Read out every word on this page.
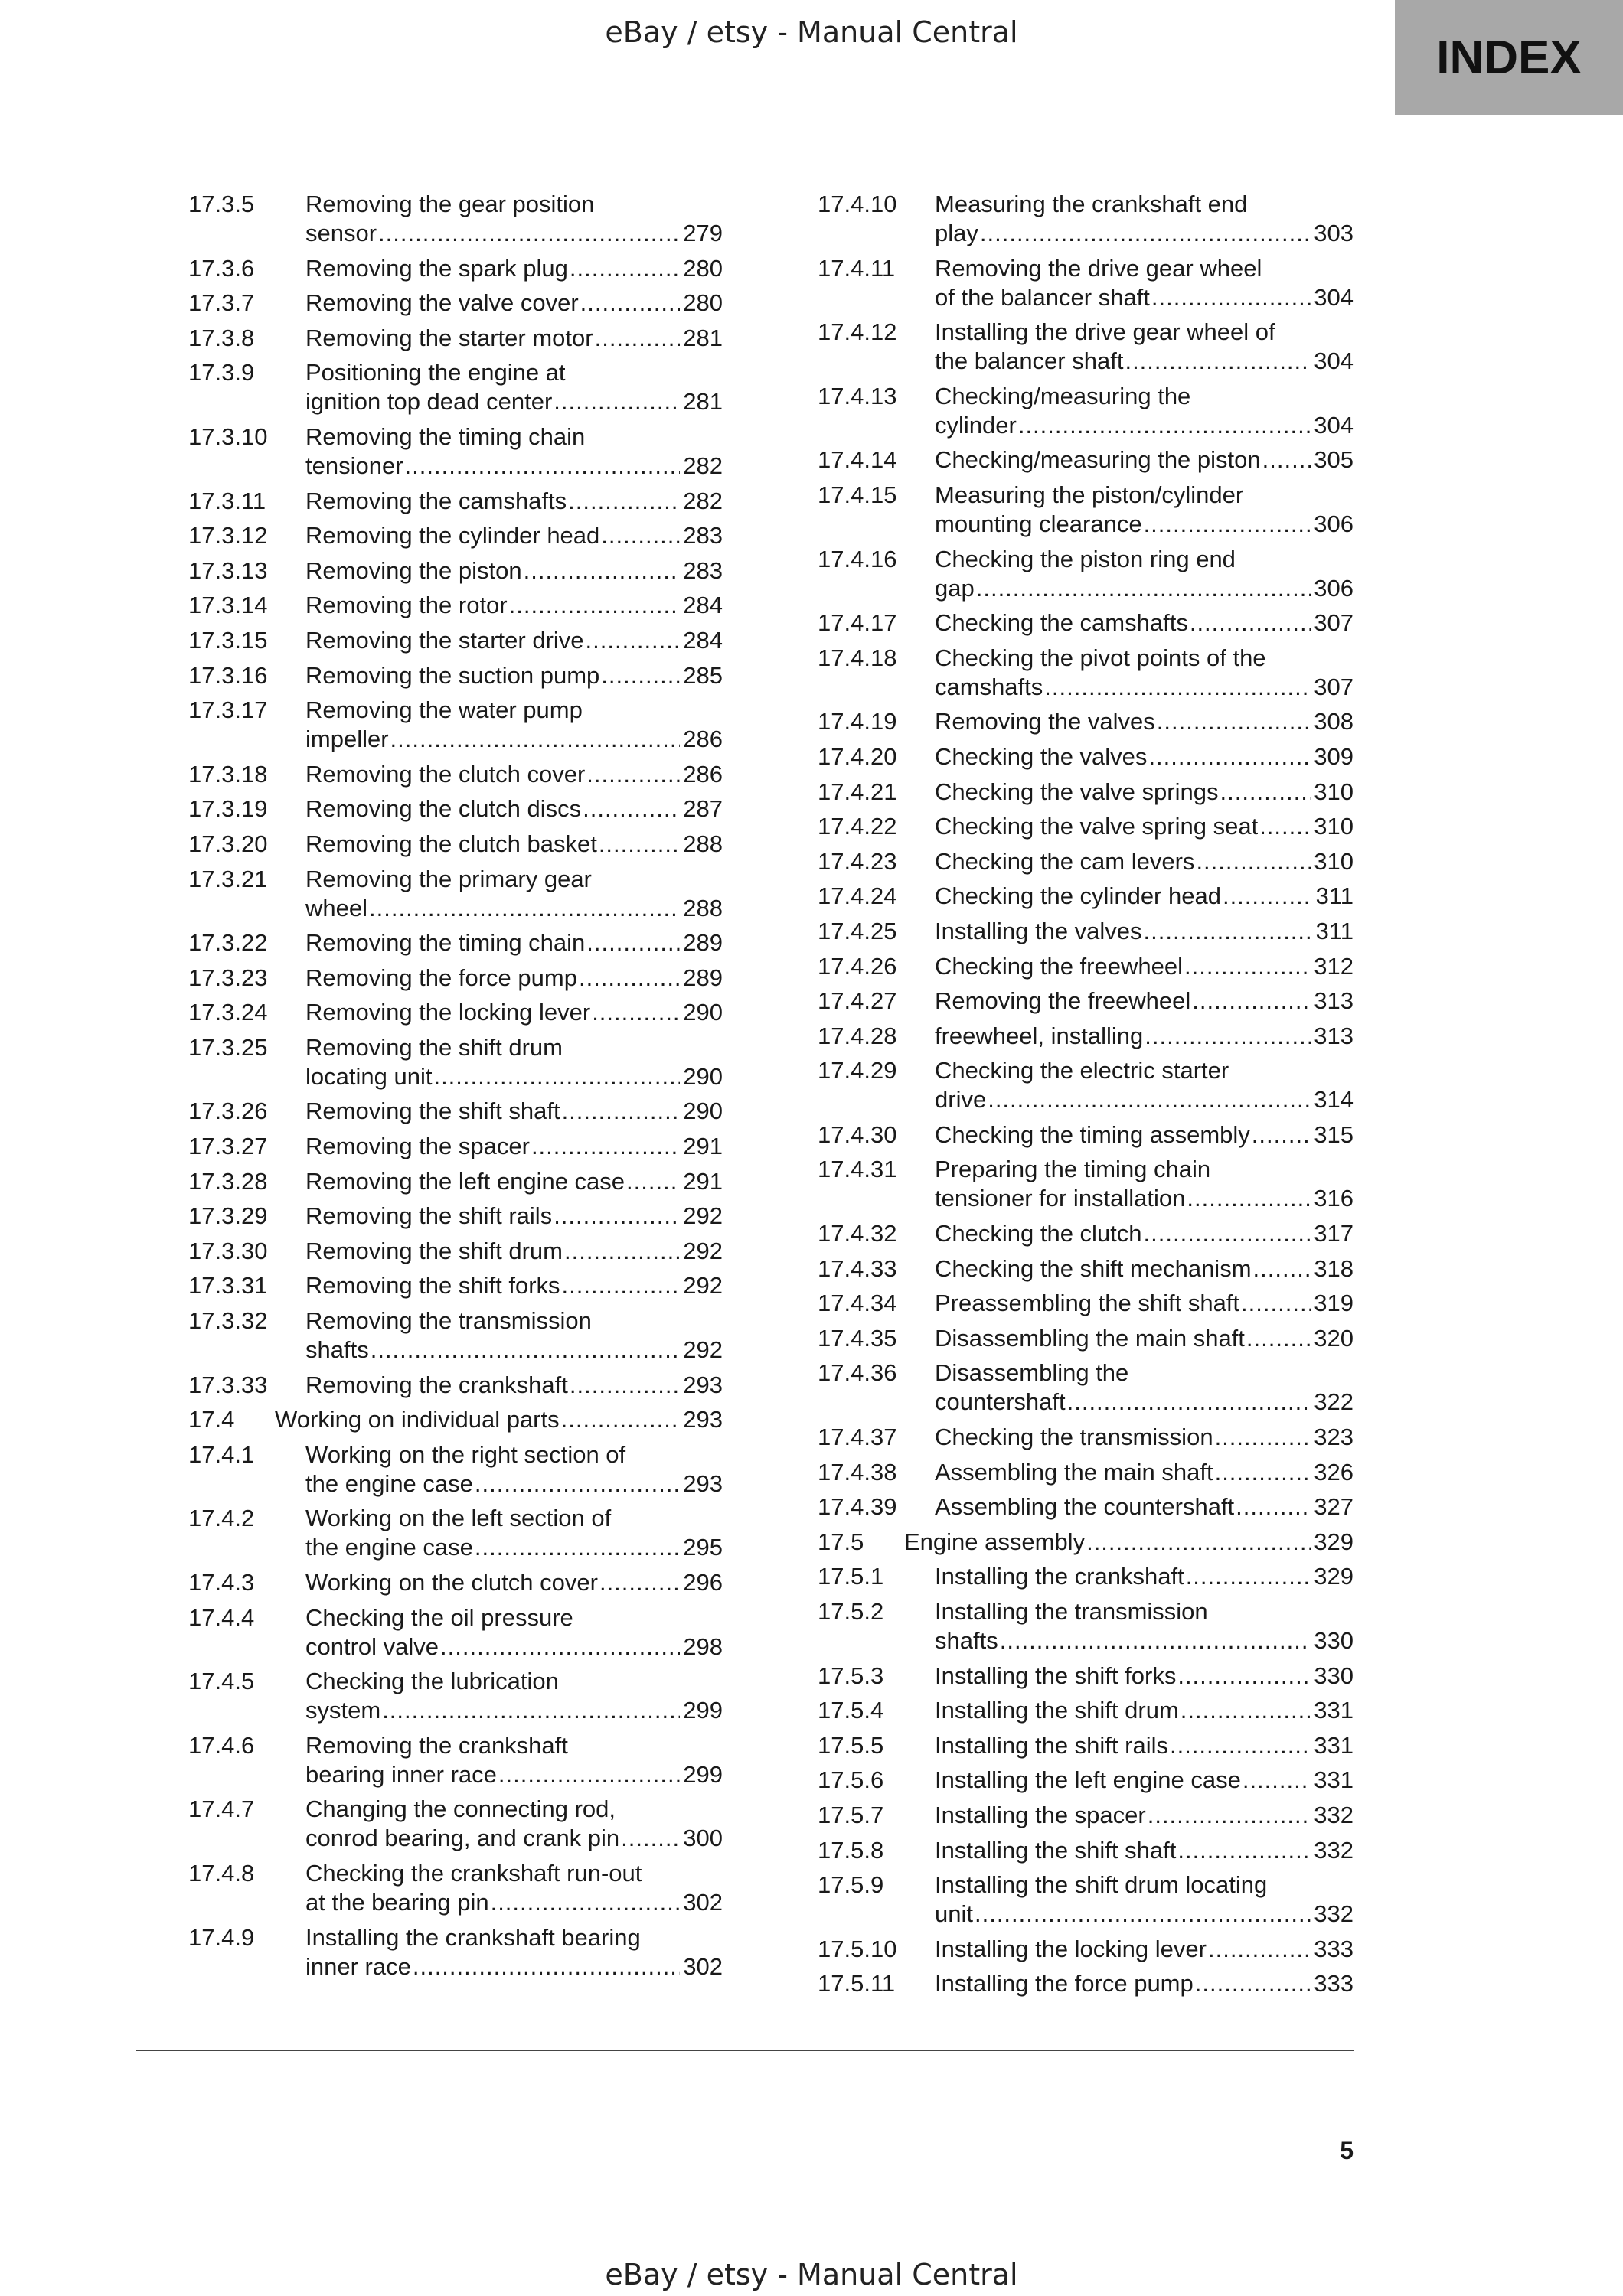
eBay / etsy - Manual Central	INDEX
17.3.5 Removing the gear position
sensor .....	279
17.3.6 Removing the spark plug .....	280
17.3.7 Removing the valve cover .....	280
17.3.8 Removing the starter motor .....	281
17.3.9 Positioning the engine at
ignition top dead center .....	281
17.3.10 Removing the timing chain
tensioner .....	282
17.3.11 Removing the camshafts .....	282
17.3.12 Removing the cylinder head .....	283
17.3.13 Removing the piston .....	283
17.3.14 Removing the rotor .....	284
17.3.15 Removing the starter drive .....	284
17.3.16 Removing the suction pump .....	285
17.3.17 Removing the water pump
impeller .....	286
17.3.18 Removing the clutch cover .....	286
17.3.19 Removing the clutch discs .....	287
17.3.20 Removing the clutch basket .....	288
17.3.21 Removing the primary gear
wheel .....	288
17.3.22 Removing the timing chain .....	289
17.3.23 Removing the force pump .....	289
17.3.24 Removing the locking lever .....	290
17.3.25 Removing the shift drum
locating unit .....	290
17.3.26 Removing the shift shaft .....	290
17.3.27 Removing the spacer .....	291
17.3.28 Removing the left engine case ..... 291
17.3.29 Removing the shift rails .....	292
17.3.30 Removing the shift drum .....	292
17.3.31 Removing the shift forks .....	292
17.3.32 Removing the transmission
shafts .....	292
17.3.33 Removing the crankshaft .....	293
17.4 Working on individual parts .....	293
17.4.1 Working on the right section of
the engine case .....	293
17.4.2 Working on the left section of
the engine case .....	295
17.4.3 Working on the clutch cover .....	296
17.4.4 Checking the oil pressure
control valve .....	298
17.4.5 Checking the lubrication
system .....	299
17.4.6 Removing the crankshaft
bearing inner race .....	299
17.4.7 Changing the connecting rod,
conrod bearing, and crank pin .....	300
17.4.8 Checking the crankshaft run-out
at the bearing pin .....	302
17.4.9 Installing the crankshaft bearing
inner race .....	302
17.4.10 Measuring the crankshaft end
play .....	303
17.4.11 Removing the drive gear wheel
of the balancer shaft .....	304
17.4.12 Installing the drive gear wheel of
the balancer shaft .....	304
17.4.13 Checking/measuring the
cylinder .....	304
17.4.14 Checking/measuring the piston ..... 305
17.4.15 Measuring the piston/cylinder
mounting clearance .....	306
17.4.16 Checking the piston ring end
gap .....	306
17.4.17 Checking the camshafts .....	307
17.4.18 Checking the pivot points of the
camshafts .....	307
17.4.19 Removing the valves .....	308
17.4.20 Checking the valves .....	309
17.4.21 Checking the valve springs .....	310
17.4.22 Checking the valve spring seat ..... 310
17.4.23 Checking the cam levers .....	310
17.4.24 Checking the cylinder head .....	311
17.4.25 Installing the valves .....	311
17.4.26 Checking the freewheel .....	312
17.4.27 Removing the freewheel .....	313
17.4.28 freewheel, installing .....	313
17.4.29 Checking the electric starter
drive .....	314
17.4.30 Checking the timing assembly .....	315
17.4.31 Preparing the timing chain
tensioner for installation .....	316
17.4.32 Checking the clutch .....	317
17.4.33 Checking the shift mechanism .....	318
17.4.34 Preassembling the shift shaft .....	319
17.4.35 Disassembling the main shaft .....	320
17.4.36 Disassembling the
countershaft .....	322
17.4.37 Checking the transmission .....	323
17.4.38 Assembling the main shaft .....	326
17.4.39 Assembling the countershaft .....	327
17.5 Engine assembly .....	329
17.5.1 Installing the crankshaft .....	329
17.5.2 Installing the transmission
shafts .....	330
17.5.3 Installing the shift forks .....	330
17.5.4 Installing the shift drum .....	331
17.5.5 Installing the shift rails .....	331
17.5.6 Installing the left engine case .....	331
17.5.7 Installing the spacer .....	332
17.5.8 Installing the shift shaft .....	332
17.5.9 Installing the shift drum locating
unit .....	332
17.5.10 Installing the locking lever .....	333
17.5.11 Installing the force pump .....	333
5
eBay / etsy - Manual Central
